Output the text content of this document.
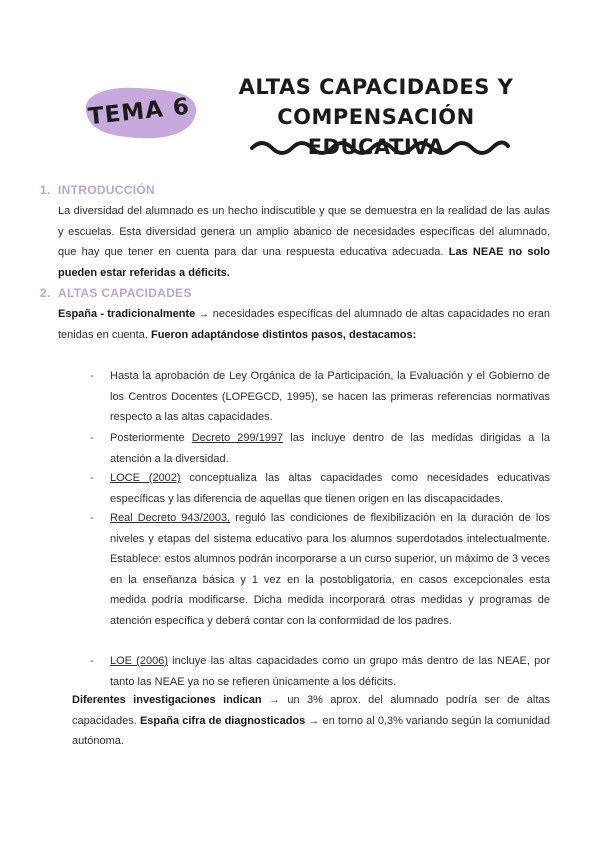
TEMA 6
ALTAS CAPACIDADES Y
COMPENSACIÓN EDUCATIVA
1. INTRODUCCIÓN
La diversidad del alumnado es un hecho indiscutible y que se demuestra en la realidad de las aulas y escuelas. Esta diversidad genera un amplio abanico de necesidades específicas del alumnado, que hay que tener en cuenta para dar una respuesta educativa adecuada. Las NEAE no solo pueden estar referidas a déficits.
2. ALTAS CAPACIDADES
España - tradicionalmente → necesidades específicas del alumnado de altas capacidades no eran tenidas en cuenta. Fueron adaptándose distintos pasos, destacamos:
- Hasta la aprobación de Ley Orgánica de la Participación, la Evaluación y el Gobierno de los Centros Docentes (LOPEGCD, 1995), se hacen las primeras referencias normativas respecto a las altas capacidades.
- Posteriormente Decreto 299/1997 las incluye dentro de las medidas dirigidas a la atención a la diversidad.
- LOCE (2002) conceptualiza las altas capacidades como necesidades educativas específicas y las diferencia de aquellas que tienen origen en las discapacidades.
- Real Decreto 943/2003, reguló las condiciones de flexibilización en la duración de los niveles y etapas del sistema educativo para los alumnos superdotados intelectualmente. Establece: estos alumnos podrán incorporarse a un curso superior, un máximo de 3 veces en la enseñanza básica y 1 vez en la postobligatoria, en casos excepcionales esta medida podría modificarse. Dicha medida incorporará otras medidas y programas de atención específica y deberá contar con la conformidad de los padres.
- LOE (2006) incluye las altas capacidades como un grupo más dentro de las NEAE, por tanto las NEAE ya no se refieren únicamente a los déficits.
Diferentes investigaciones indican → un 3% aprox. del alumnado podría ser de altas capacidades. España cifra de diagnosticados → en torno al 0,3% variando según la comunidad autónoma.
